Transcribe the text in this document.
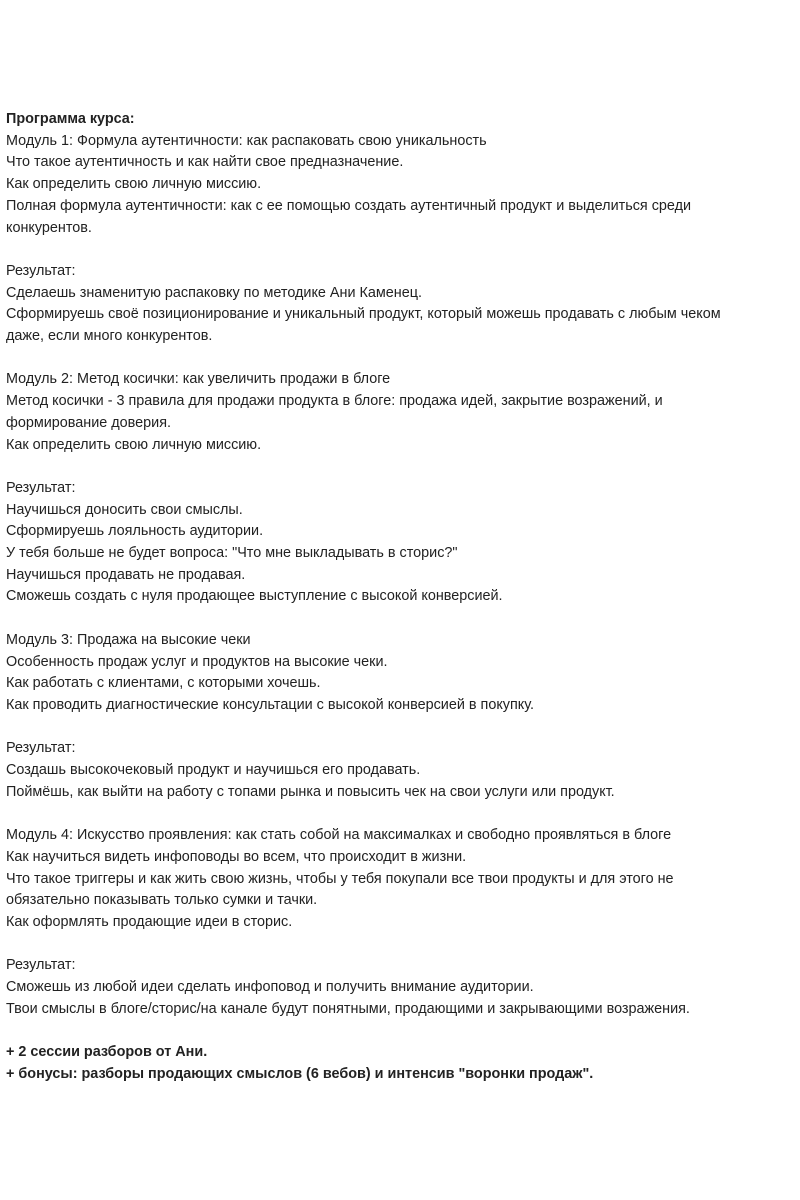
Программа курса:
Модуль 1: Формула аутентичности: как распаковать свою уникальность
Что такое аутентичность и как найти свое предназначение.
Как определить свою личную миссию.
Полная формула аутентичности: как с ее помощью создать аутентичный продукт и выделиться среди
конкурентов.
Результат:
Сделаешь знаменитую распаковку по методике Ани Каменец.
Сформируешь своё позиционирование и уникальный продукт, который можешь продавать с любым чеком
даже, если много конкурентов.
Модуль 2: Метод косички: как увеличить продажи в блоге
Метод косички - 3 правила для продажи продукта в блоге: продажа идей, закрытие возражений, и
формирование доверия.
Как определить свою личную миссию.
Результат:
Научишься доносить свои смыслы.
Сформируешь лояльность аудитории.
У тебя больше не будет вопроса: "Что мне выкладывать в сторис?"
Научишься продавать не продавая.
Сможешь создать с нуля продающее выступление с высокой конверсией.
Модуль 3: Продажа на высокие чеки
Особенность продаж услуг и продуктов на высокие чеки.
Как работать с клиентами, с которыми хочешь.
Как проводить диагностические консультации с высокой конверсией в покупку.
Результат:
Создашь высокочековый продукт и научишься его продавать.
Поймёшь, как выйти на работу с топами рынка и повысить чек на свои услуги или продукт.
Модуль 4: Искусство проявления: как стать собой на максималках и свободно проявляться в блоге
Как научиться видеть инфоповоды во всем, что происходит в жизни.
Что такое триггеры и как жить свою жизнь, чтобы у тебя покупали все твои продукты и для этого не
обязательно показывать только сумки и тачки.
Как оформлять продающие идеи в сторис.
Результат:
Сможешь из любой идеи сделать инфоповод и получить внимание аудитории.
Твои смыслы в блоге/сторис/на канале будут понятными, продающими и закрывающими возражения.
+ 2 сессии разборов от Ани.
+ бонусы: разборы продающих смыслов (6 вебов) и интенсив "воронки продаж".
